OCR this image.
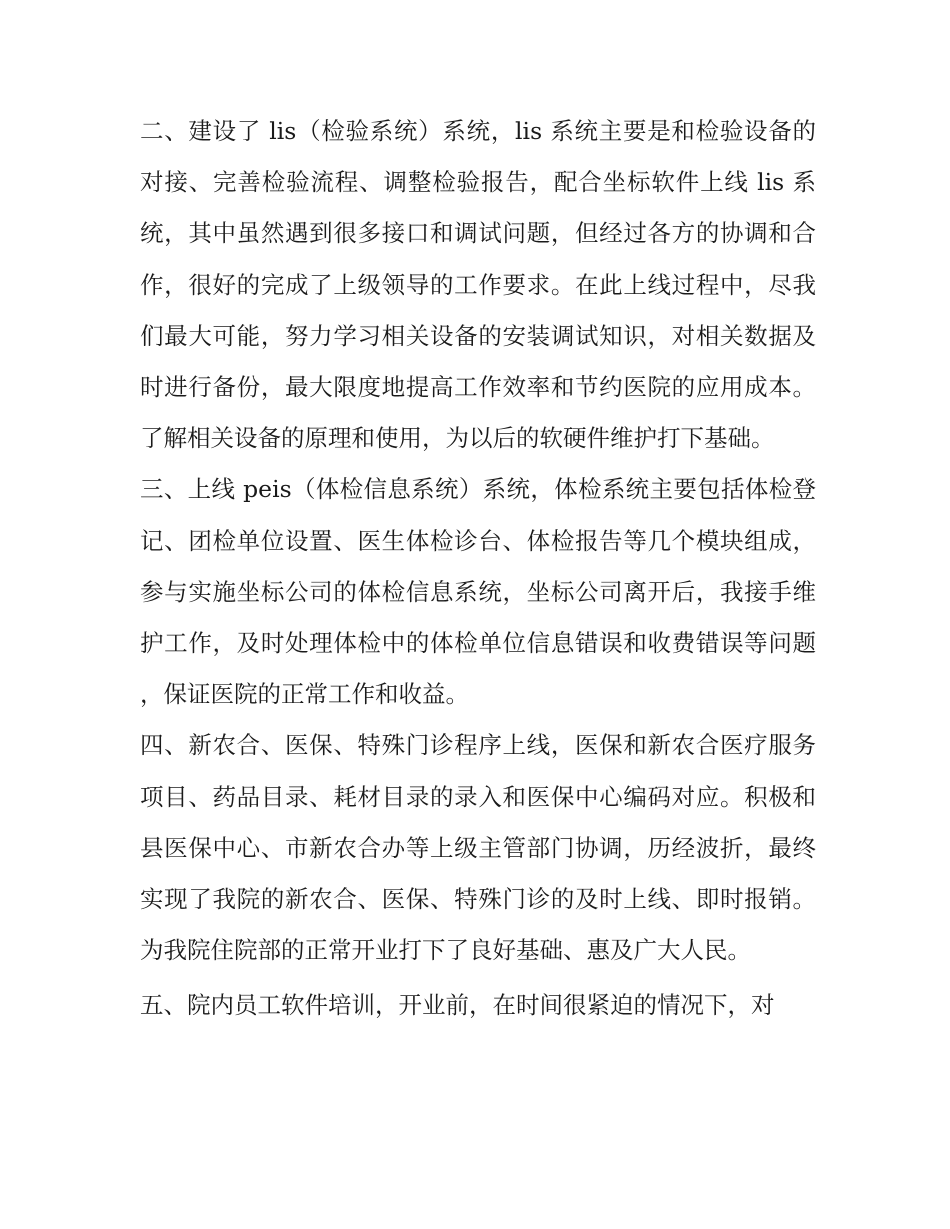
二、建设了 lis（检验系统）系统，lis 系统主要是和检验设备的对接、完善检验流程、调整检验报告，配合坐标软件上线 lis 系统，其中虽然遇到很多接口和调试问题，但经过各方的协调和合作，很好的完成了上级领导的工作要求。在此上线过程中，尽我们最大可能，努力学习相关设备的安装调试知识，对相关数据及时进行备份，最大限度地提高工作效率和节约医院的应用成本。了解相关设备的原理和使用，为以后的软硬件维护打下基础。

三、上线 peis（体检信息系统）系统，体检系统主要包括体检登记、团检单位设置、医生体检诊台、体检报告等几个模块组成，参与实施坐标公司的体检信息系统，坐标公司离开后，我接手维护工作，及时处理体检中的体检单位信息错误和收费错误等问题，保证医院的正常工作和收益。

四、新农合、医保、特殊门诊程序上线，医保和新农合医疗服务项目、药品目录、耗材目录的录入和医保中心编码对应。积极和县医保中心、市新农合办等上级主管部门协调，历经波折，最终实现了我院的新农合、医保、特殊门诊的及时上线、即时报销。为我院住院部的正常开业打下了良好基础、惠及广大人民。

五、院内员工软件培训，开业前，在时间很紧迫的情况下，对
